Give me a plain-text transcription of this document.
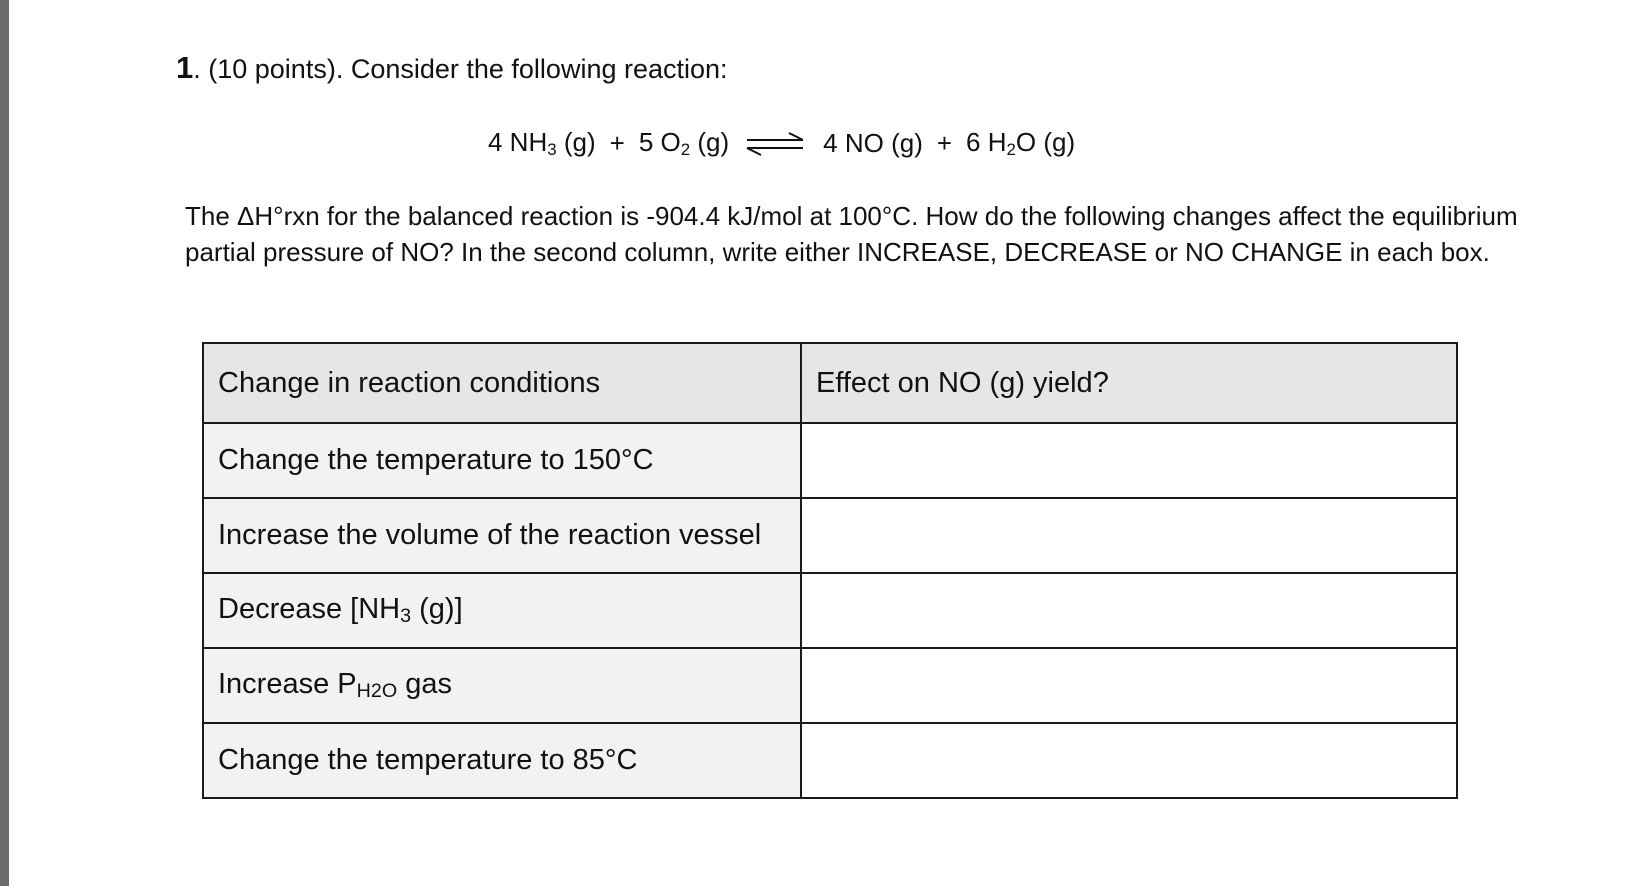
1. (10 points). Consider the following reaction:
4 $NH_3$ (g) + 5 $O_2$ (g) ⇌ 4 NO (g) + 6 $H_2O$ (g)
The ΔH°rxn for the balanced reaction is -904.4 kJ/mol at 100°C. How do the following changes affect the equilibrium partial pressure of NO? In the second column, write either INCREASE, DECREASE or NO CHANGE in each box.
Change in reaction conditions	Effect on NO (g) yield?
Change the temperature to 150°C	
Increase the volume of the reaction vessel	
Decrease [$NH_3$ (g)]	
Increase $P_{H2O}$ gas	
Change the temperature to 85°C	
